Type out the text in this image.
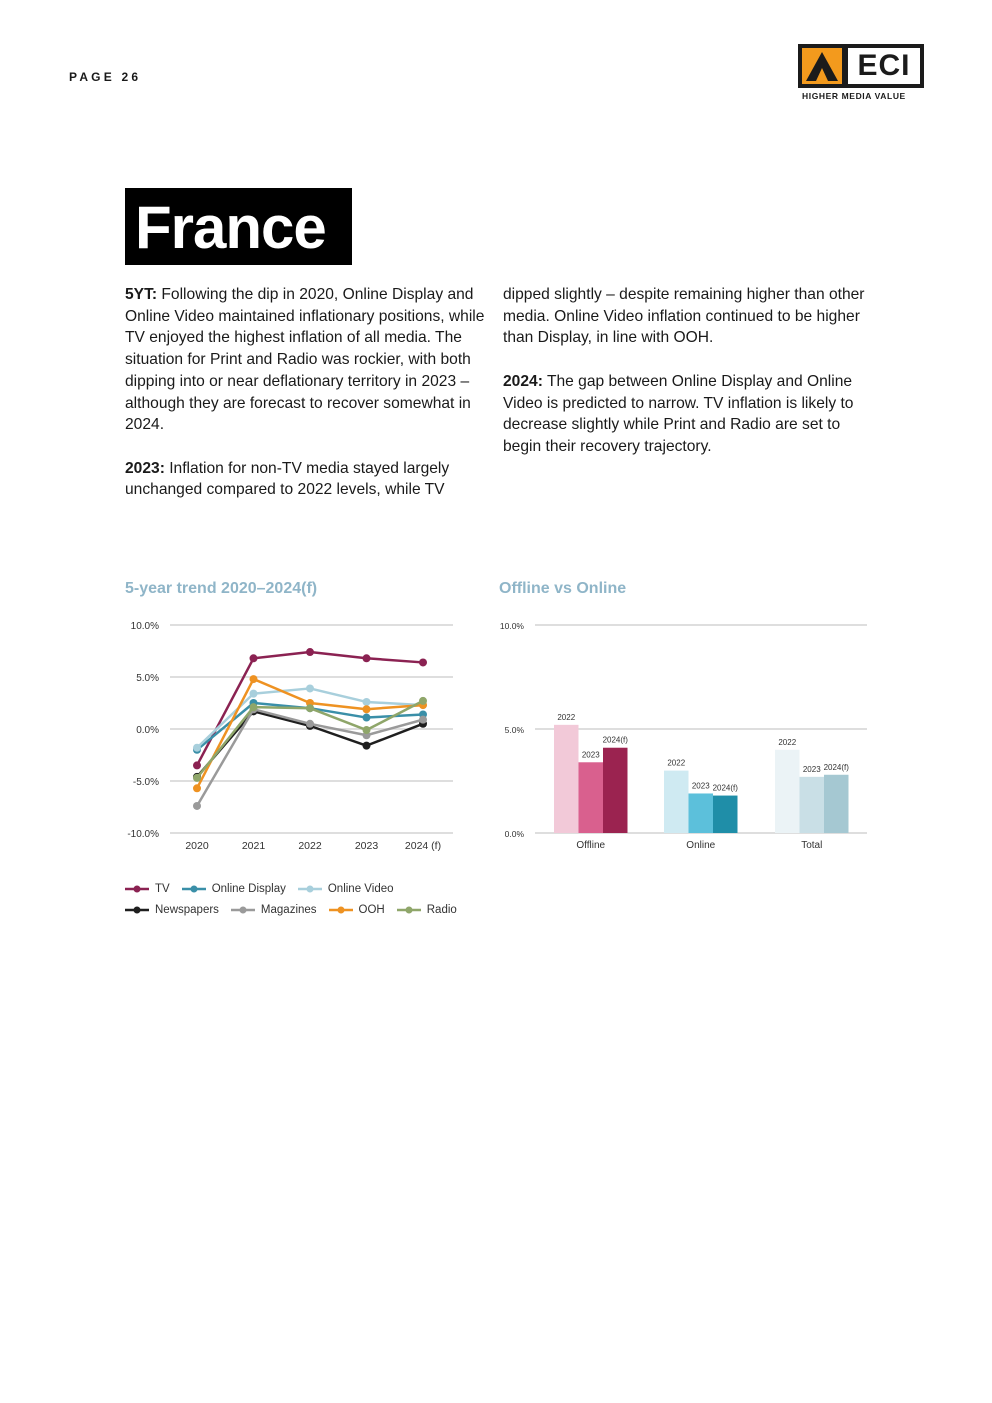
PAGE 26	ECI
HIGHER MEDIA VALUE
France

5YT: Following the dip in 2020, Online Display and Online Video maintained inflationary positions, while TV enjoyed the highest inflation of all media. The situation for Print and Radio was rockier, with both dipping into or near deflationary territory in 2023 – although they are forecast to recover somewhat in 2024.

2023: Inflation for non-TV media stayed largely unchanged compared to 2022 levels, while TV

dipped slightly – despite remaining higher than other media. Online Video inflation continued to be higher than Display, in line with OOH.

2024: The gap between Online Display and Online Video is predicted to narrow. TV inflation is likely to decrease slightly while Print and Radio are set to begin their recovery trajectory.

5-year trend 2020–2024(f)
10.0%
5.0%
0.0%
-5.0%
-10.0%
2020	2021	2022	2023	2024 (f)
TV	Online Display	Online Video
Newspapers	Magazines	OOH	Radio
Offline vs Online
10.0%
5.0%
0.0%
2022
2023
2024(f)
Offline
2022
2023 2024(f)
Online
2022
2023 2024(f)
Total
